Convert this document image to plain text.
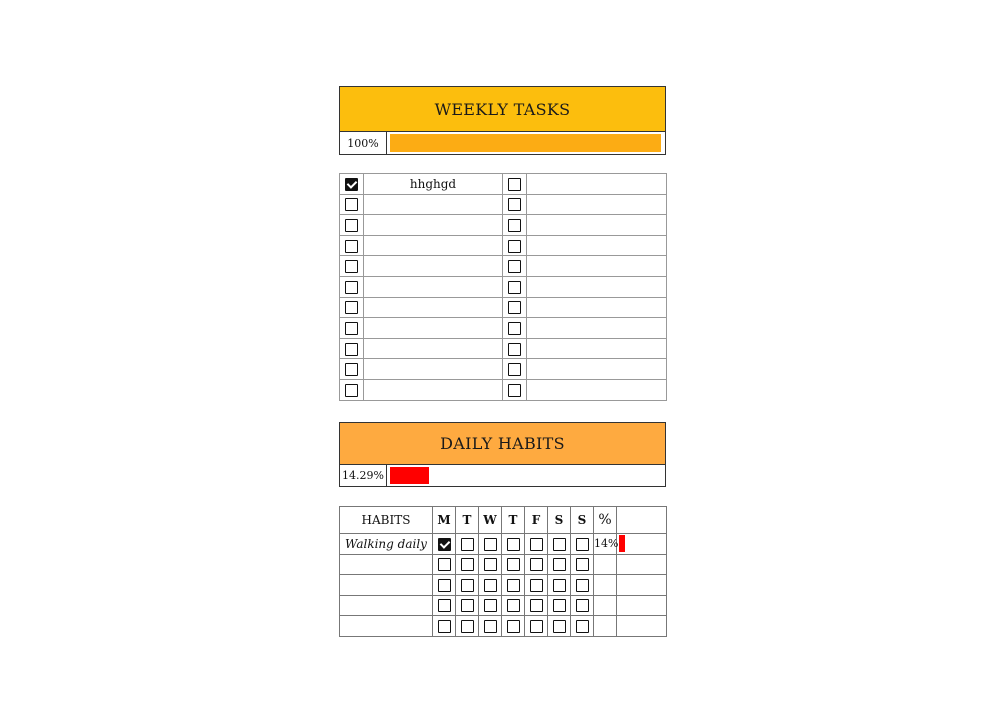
WEEKLY TASKS
100%
	hhghgd		

DAILY HABITS
14.29%
HABITS	M	T	W	T	F	S	S	%	
Walking daily								14%	
